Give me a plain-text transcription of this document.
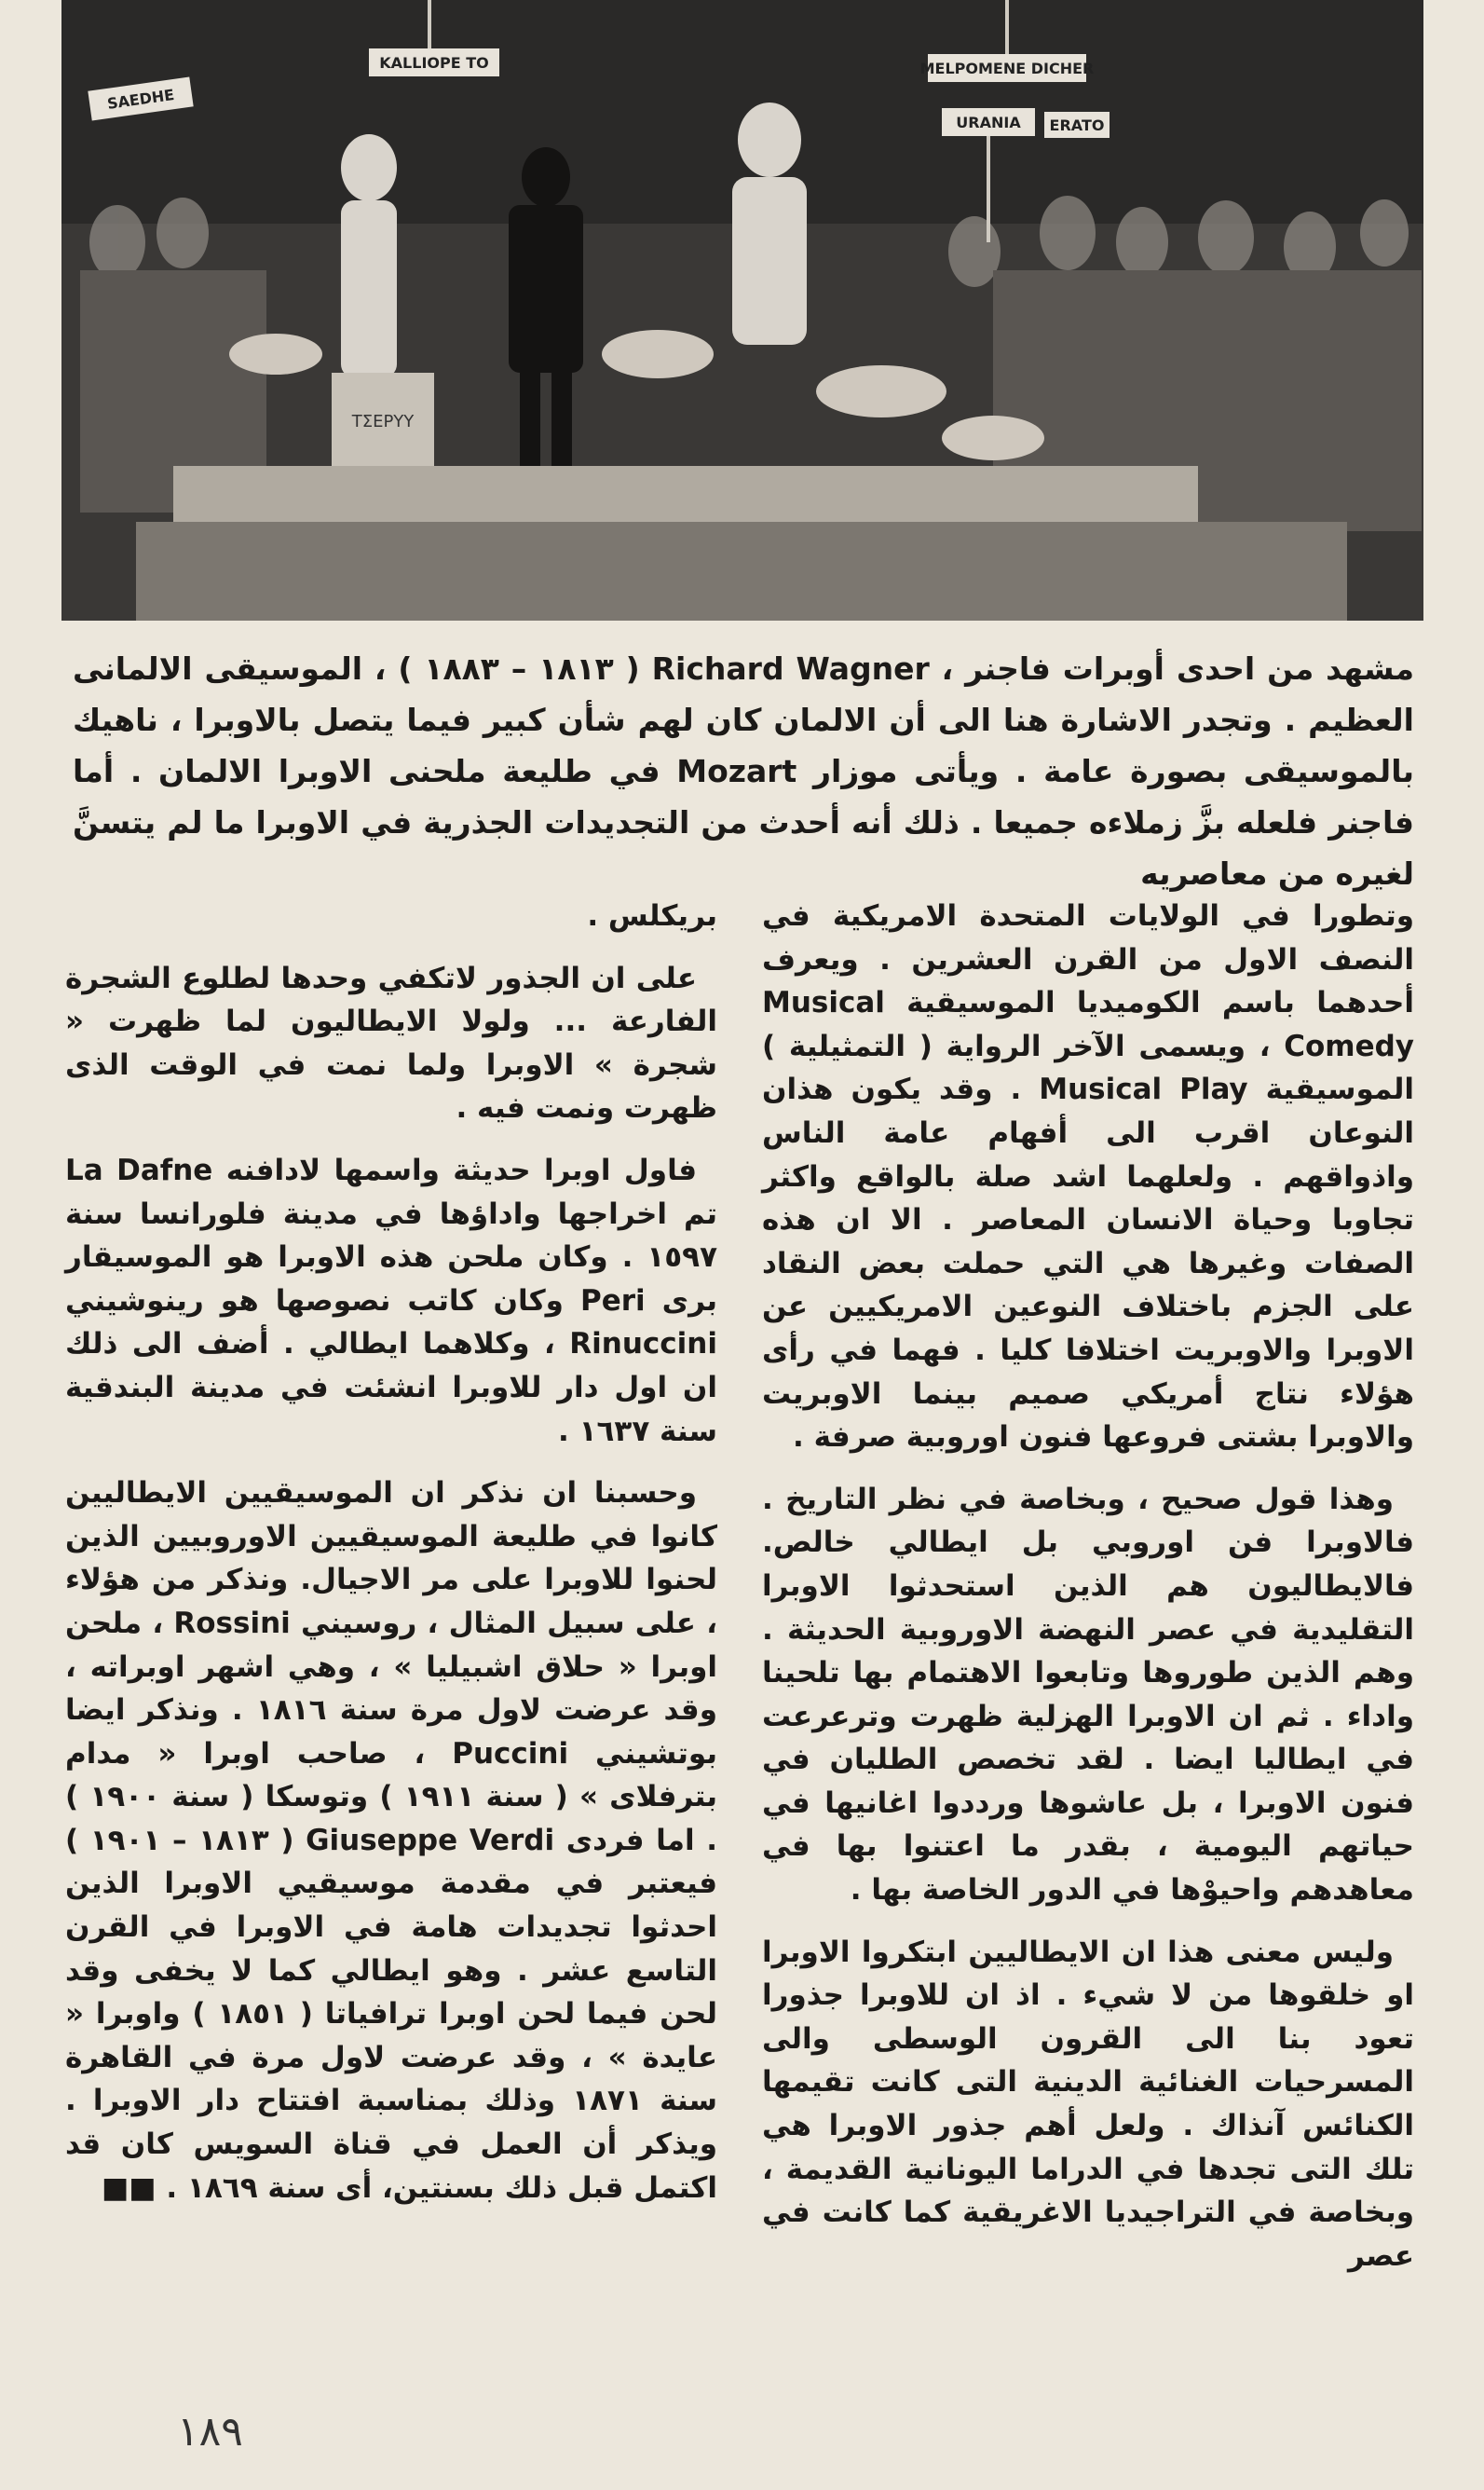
ΤΣΕΡΥΥ
SAEDHE
KALLIOPE TO	MELPOMENE DICHER
URANIA ERATO
مشهد من احدى أوبرات فاجنر ، Richard Wagner ( ١٨١٣ – ١٨٨٣ ) ، الموسيقى الالمانى العظيم . وتجدر الاشارة هنا الى أن الالمان كان لهم شأن كبير فيما يتصل بالاوبرا ، ناهيك بالموسيقى بصورة عامة . ويأتى موزار Mozart في طليعة ملحنى الاوبرا الالمان . أما فاجنر فلعله بزَّ زملاءه جميعا . ذلك أنه أحدث من التجديدات الجذرية في الاوبرا ما لم يتسنَّ لغيره من معاصريه

وتطورا في الولايات المتحدة الامريكية في النصف الاول من القرن العشرين . ويعرف أحدهما باسم الكوميديا الموسيقية Musical Comedy ، ويسمى الآخر الرواية ( التمثيلية ) الموسيقية Musical Play . وقد يكون هذان النوعان اقرب الى أفهام عامة الناس واذواقهم . ولعلهما اشد صلة بالواقع واكثر تجاوبا وحياة الانسان المعاصر . الا ان هذه الصفات وغيرها هي التي حملت بعض النقاد على الجزم باختلاف النوعين الامريكيين عن الاوبرا والاوبريت اختلافا كليا . فهما في رأى هؤلاء نتاج أمريكي صميم بينما الاوبريت والاوبرا بشتى فروعها فنون اوروبية صرفة .

وهذا قول صحيح ، وبخاصة في نظر التاريخ . فالاوبرا فن اوروبي بل ايطالي خالص. فالايطاليون هم الذين استحدثوا الاوبرا التقليدية في عصر النهضة الاوروبية الحديثة . وهم الذين طوروها وتابعوا الاهتمام بها تلحينا واداء . ثم ان الاوبرا الهزلية ظهرت وترعرعت في ايطاليا ايضا . لقد تخصص الطليان في فنون الاوبرا ، بل عاشوها ورددوا اغانيها في حياتهم اليومية ، بقدر ما اعتنوا بها في معاهدهم واحيوْها في الدور الخاصة بها .

وليس معنى هذا ان الايطاليين ابتكروا الاوبرا او خلقوها من لا شيء . اذ ان للاوبرا جذورا تعود بنا الى القرون الوسطى والى المسرحيات الغنائية الدينية التى كانت تقيمها الكنائس آنذاك . ولعل أهم جذور الاوبرا هي تلك التى تجدها في الدراما اليونانية القديمة ، وبخاصة في التراجيديا الاغريقية كما كانت في عصر

بريكلس .

على ان الجذور لاتكفي وحدها لطلوع الشجرة الفارعة ... ولولا الايطاليون لما ظهرت « شجرة » الاوبرا ولما نمت في الوقت الذى ظهرت ونمت فيه .

فاول اوبرا حديثة واسمها لادافنه La Dafne تم اخراجها واداؤها في مدينة فلورانسا سنة ١٥٩٧ . وكان ملحن هذه الاوبرا هو الموسيقار برى Peri وكان كاتب نصوصها هو رينوشيني Rinuccini ، وكلاهما ايطالي . أضف الى ذلك ان اول دار للاوبرا انشئت في مدينة البندقية سنة ١٦٣٧ .

وحسبنا ان نذكر ان الموسيقيين الايطاليين كانوا في طليعة الموسيقيين الاوروبيين الذين لحنوا للاوبرا على مر الاجيال. ونذكر من هؤلاء ، على سبيل المثال ، روسيني Rossini ، ملحن اوبرا « حلاق اشبيليا » ، وهي اشهر اوبراته ، وقد عرضت لاول مرة سنة ١٨١٦ . ونذكر ايضا بوتشيني Puccini ، صاحب اوبرا « مدام بترفلاى » ( سنة ١٩١١ ) وتوسكا ( سنة ١٩٠٠ ) . اما فردى Giuseppe Verdi ( ١٨١٣ – ١٩٠١ ) فيعتبر في مقدمة موسيقيي الاوبرا الذين احدثوا تجديدات هامة في الاوبرا في القرن التاسع عشر . وهو ايطالي كما لا يخفى وقد لحن فيما لحن اوبرا ترافياتا ( ١٨٥١ ) واوبرا « عايدة » ، وقد عرضت لاول مرة في القاهرة سنة ١٨٧١ وذلك بمناسبة افتتاح دار الاوبرا . ويذكر أن العمل في قناة السويس كان قد اكتمل قبل ذلك بسنتين، أى سنة ١٨٦٩ . ■■

١٨٩
